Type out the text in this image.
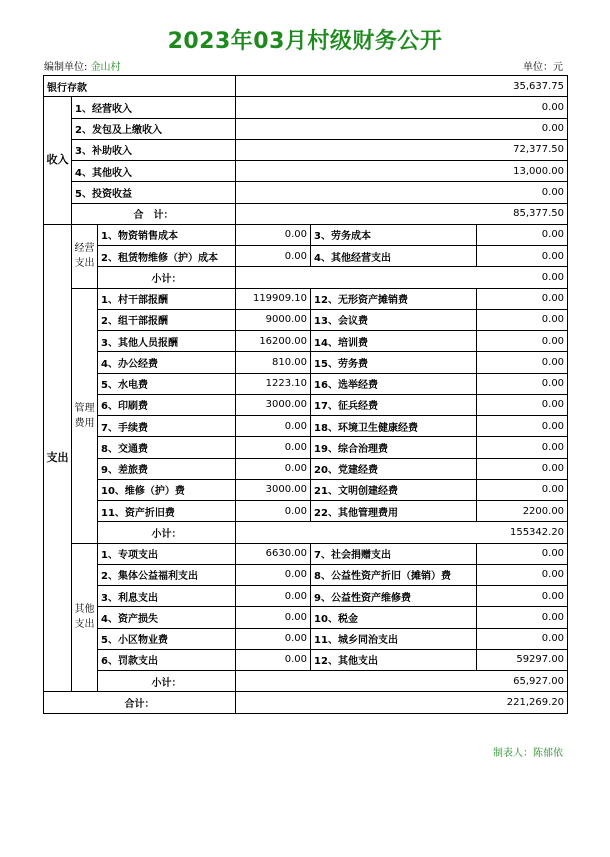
2023年03月村级财务公开
编制单位: 金山村	单位：元
银行存款			35,637.75		
收入	1、经营收入		0.00		
	2、发包及上缴收入		0.00		
	3、补助收入		72,377.50		
	4、其他收入		13,000.00		
	5、投资收益		0.00		
	合　计：		85,377.50		
支出	经营支出	1、物资销售成本	0.00	3、劳务成本	0.00
		2、租赁物维修（护）成本	0.00	4、其他经营支出	0.00
		小计：	0.00		
	管理费用	1、村干部报酬	119909.10	12、无形资产摊销费	0.00
		2、组干部报酬	9000.00	13、会议费	0.00
		3、其他人员报酬	16200.00	14、培训费	0.00
		4、办公经费	810.00	15、劳务费	0.00
		5、水电费	1223.10	16、选举经费	0.00
		6、印刷费	3000.00	17、征兵经费	0.00
		7、手续费	0.00	18、环境卫生健康经费	0.00
		8、交通费	0.00	19、综合治理费	0.00
		9、差旅费	0.00	20、党建经费	0.00
		10、维修（护）费	3000.00	21、文明创建经费	0.00
		11、资产折旧费	0.00	22、其他管理费用	2200.00
		小计：	155342.20		
	其他支出	1、专项支出	6630.00	7、社会捐赠支出	0.00
		2、集体公益福利支出	0.00	8、公益性资产折旧（摊销）费	0.00
		3、利息支出	0.00	9、公益性资产维修费	0.00
		4、资产损失	0.00	10、税金	0.00
		5、小区物业费	0.00	11、城乡同治支出	0.00
		6、罚款支出	0.00	12、其他支出	59297.00
		小计：	65,927.00		
合计：			221,269.20		
制表人：陈郁依
